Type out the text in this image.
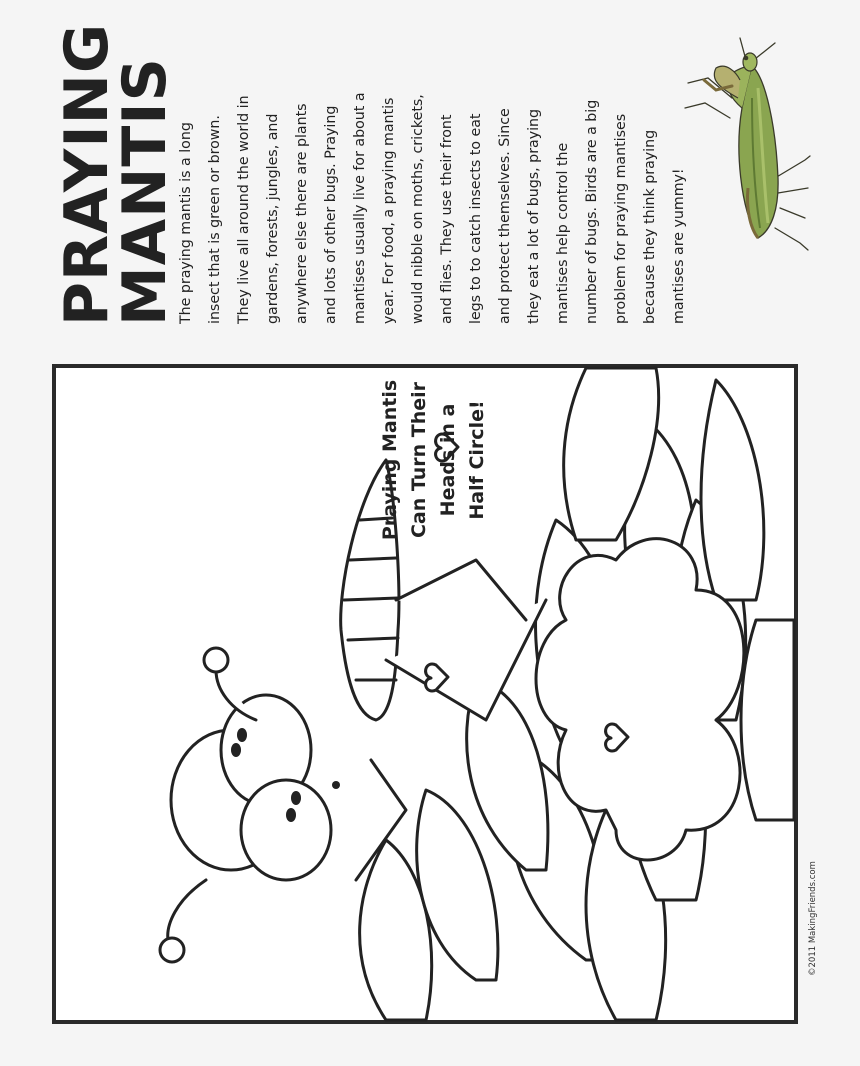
PRAYING
MANTIS
The praying mantis is a long insect that is green or brown. They live all around the world in gardens, forests, jungles, and anywhere else there are plants and lots of other bugs. Praying mantises usually live for about a year. For food, a praying mantis would nibble on moths, crickets, and flies. They use their front legs to to catch insects to eat and protect themselves. Since they eat a lot of bugs, praying mantises help control the number of bugs. Birds are a big problem for praying mantises because they think praying mantises are yummy!

Praying Mantis Can Turn Their Heads in a Half Circle!

©2011 MakingFriends.com
